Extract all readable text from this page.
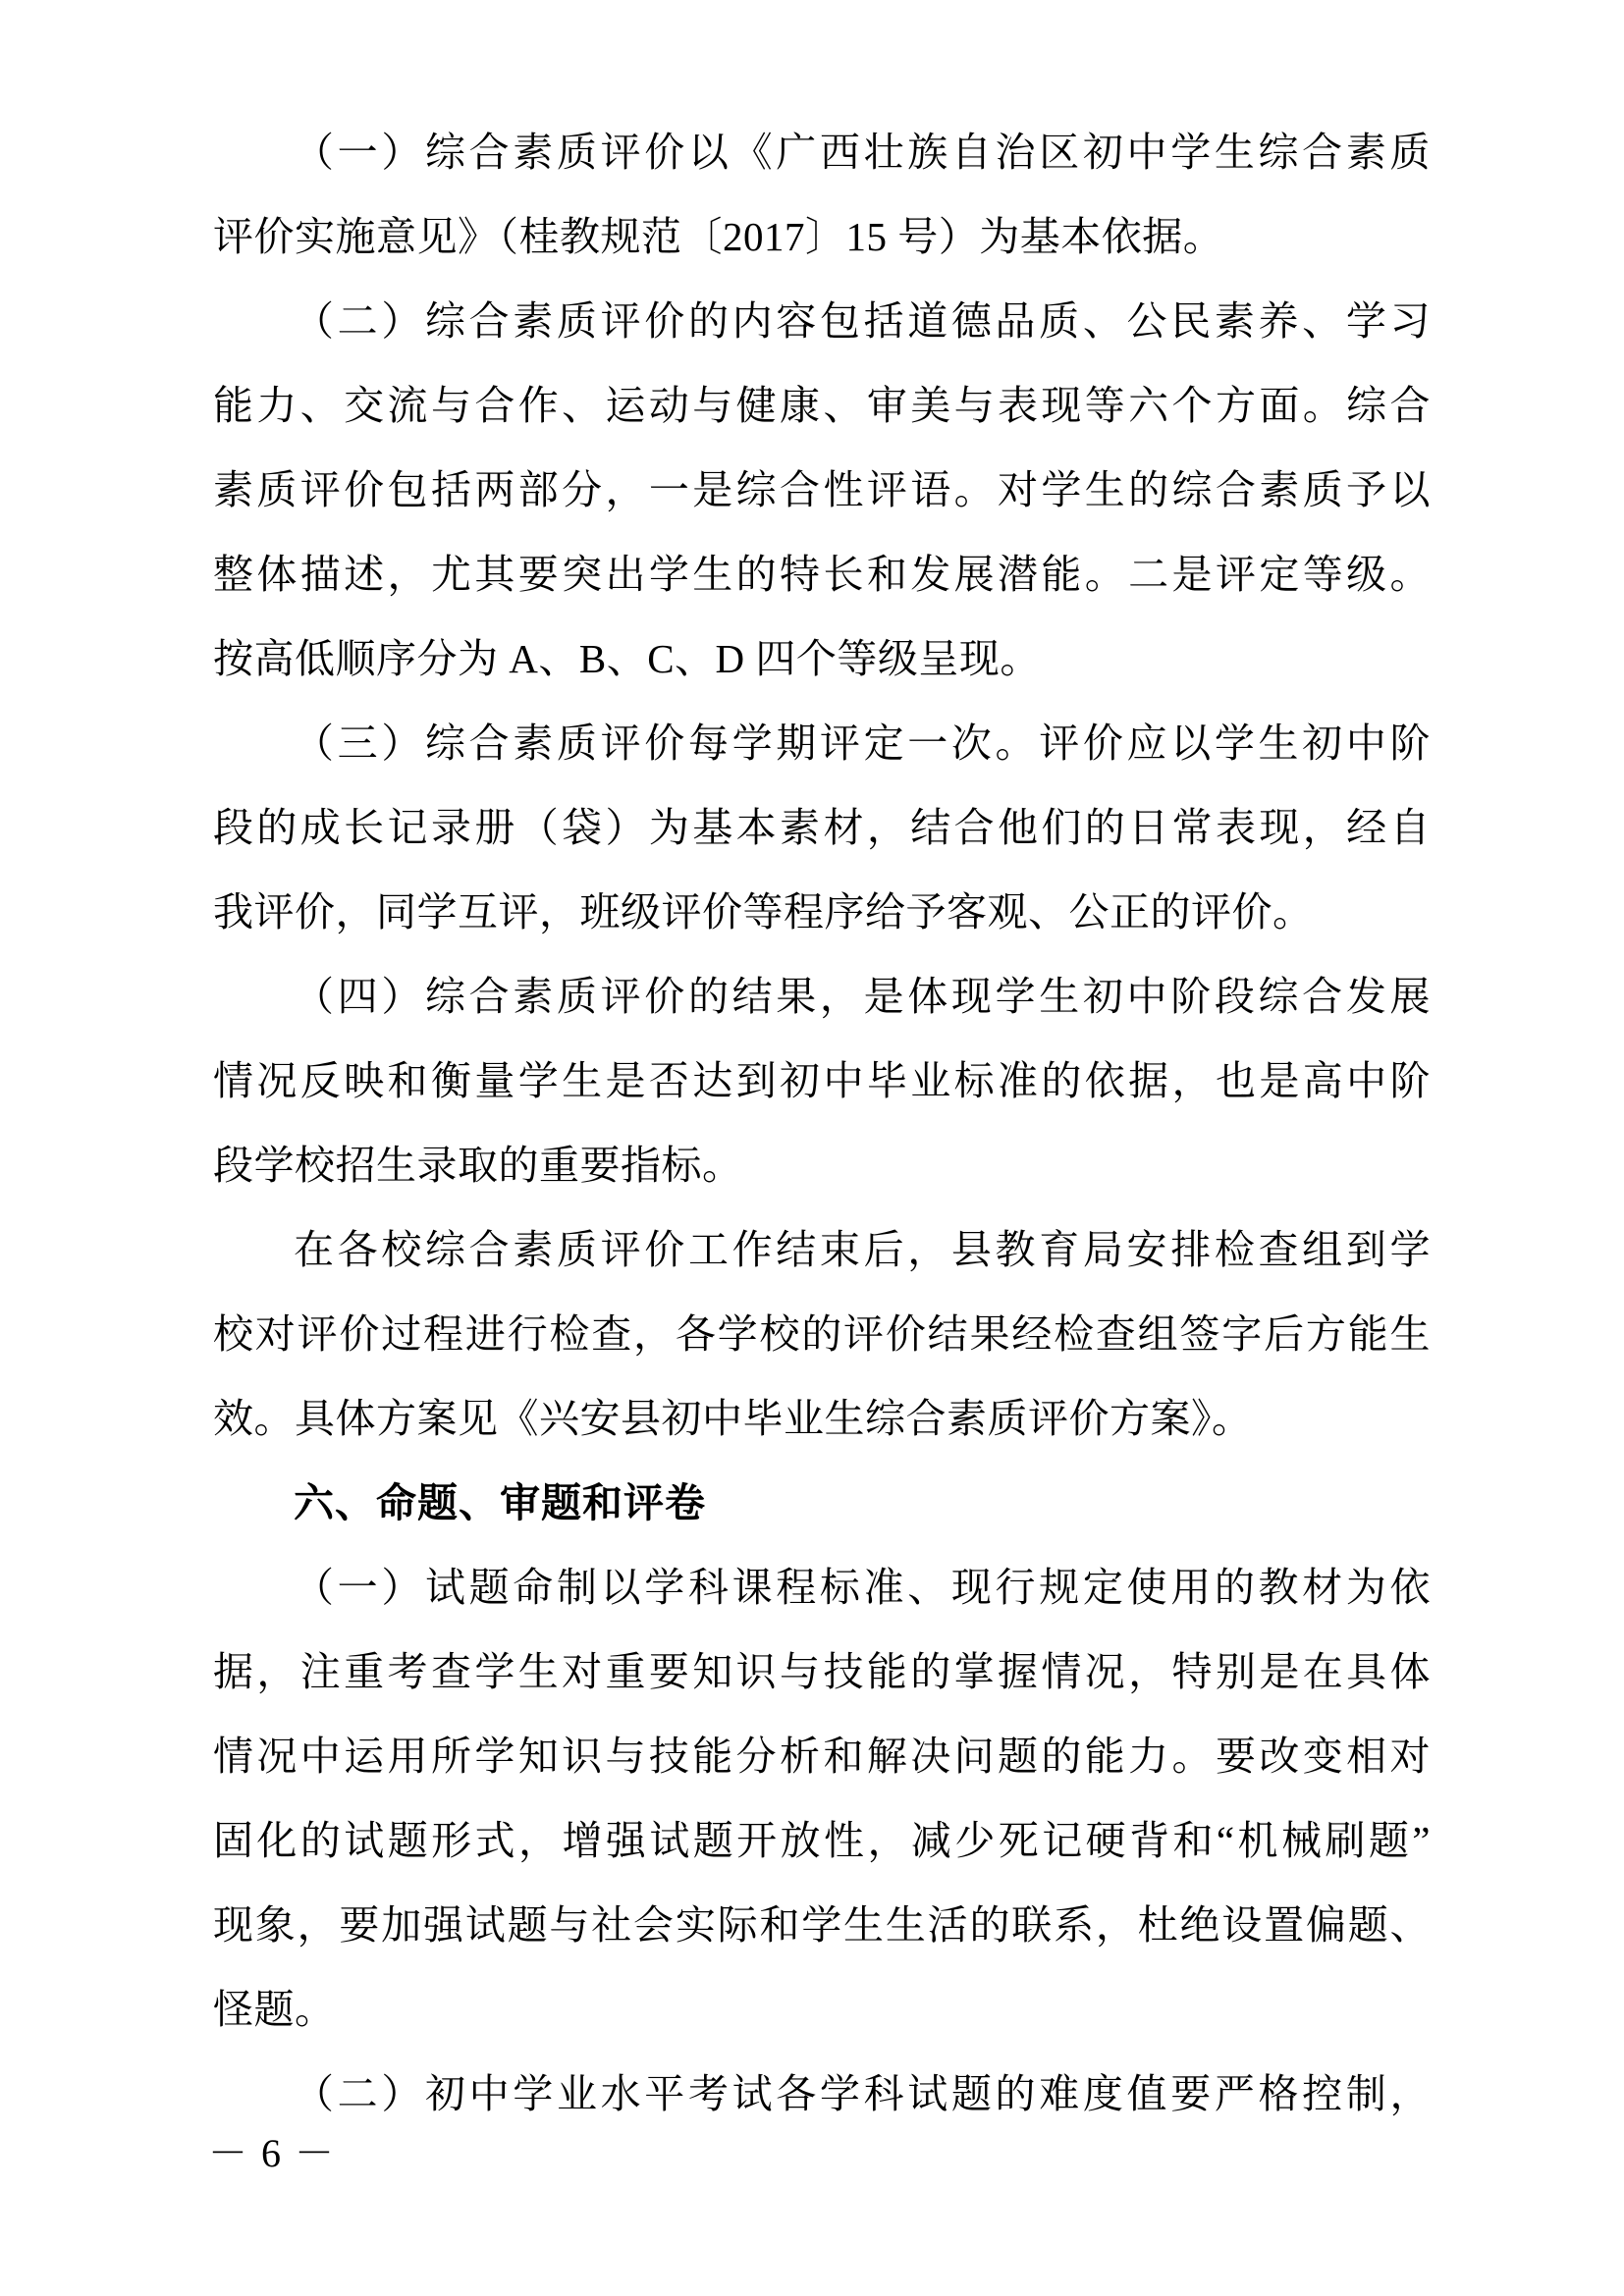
（一）综合素质评价以《广西壮族自治区初中学生综合素质
评价实施意见》（桂教规范〔2017〕15 号）为基本依据。
（二）综合素质评价的内容包括道德品质、公民素养、学习
能力、交流与合作、运动与健康、审美与表现等六个方面。综合
素质评价包括两部分，一是综合性评语。对学生的综合素质予以
整体描述，尤其要突出学生的特长和发展潜能。二是评定等级。
按高低顺序分为 A、B、C、D 四个等级呈现。
（三）综合素质评价每学期评定一次。评价应以学生初中阶
段的成长记录册（袋）为基本素材，结合他们的日常表现，经自
我评价，同学互评，班级评价等程序给予客观、公正的评价。
（四）综合素质评价的结果，是体现学生初中阶段综合发展
情况反映和衡量学生是否达到初中毕业标准的依据，也是高中阶
段学校招生录取的重要指标。
在各校综合素质评价工作结束后，县教育局安排检查组到学
校对评价过程进行检查，各学校的评价结果经检查组签字后方能生
效。具体方案见《兴安县初中毕业生综合素质评价方案》。
六、命题、审题和评卷
（一）试题命制以学科课程标准、现行规定使用的教材为依
据，注重考查学生对重要知识与技能的掌握情况，特别是在具体
情况中运用所学知识与技能分析和解决问题的能力。要改变相对
固化的试题形式，增强试题开放性，减少死记硬背和“机械刷题”
现象，要加强试题与社会实际和学生生活的联系，杜绝设置偏题、
怪题。
（二）初中学业水平考试各学科试题的难度值要严格控制，
－ 6 －
